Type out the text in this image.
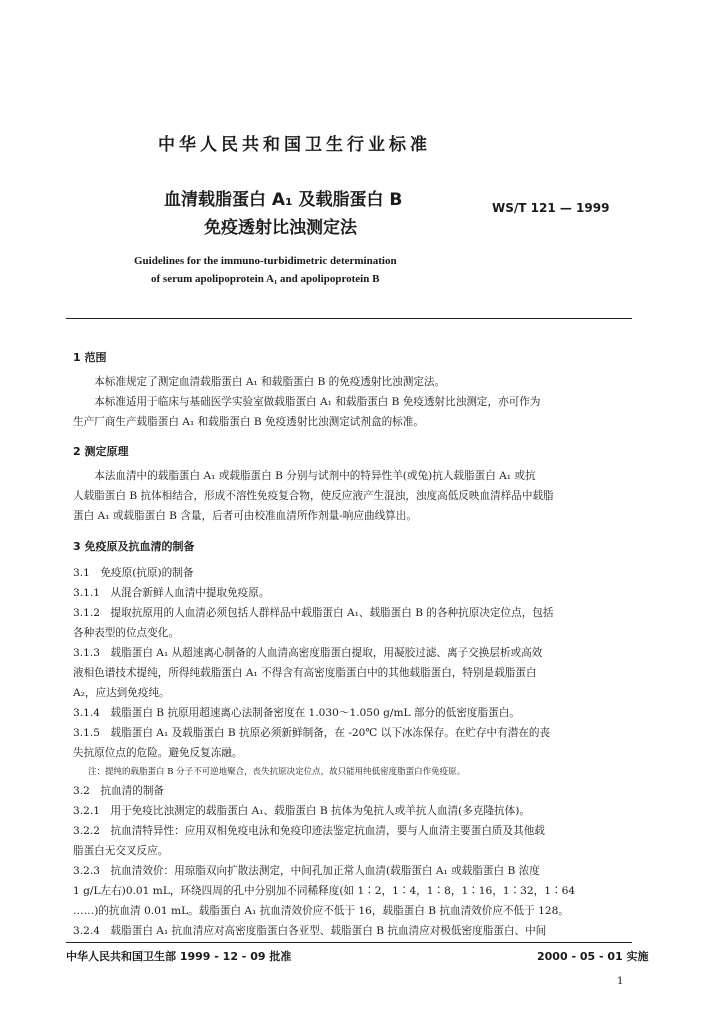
中华人民共和国卫生行业标准
血清载脂蛋白 A₁ 及载脂蛋白 B
免疫透射比浊测定法
WS/T 121 — 1999
Guidelines for the immuno-turbidimetric determination
of serum apolipoprotein A₁ and apolipoprotein B
1 范围
　　本标准规定了测定血清载脂蛋白 A₁ 和载脂蛋白 B 的免疫透射比浊测定法。
　　本标准适用于临床与基础医学实验室做载脂蛋白 A₁ 和载脂蛋白 B 免疫透射比浊测定，亦可作为
生产厂商生产载脂蛋白 A₁ 和载脂蛋白 B 免疫透射比浊测定试剂盒的标准。
2 测定原理
　　本法血清中的载脂蛋白 A₁ 或载脂蛋白 B 分别与试剂中的特异性羊(或兔)抗人载脂蛋白 A₁ 或抗
人载脂蛋白 B 抗体相结合，形成不溶性免疫复合物，使反应液产生混浊，浊度高低反映血清样品中载脂
蛋白 A₁ 或载脂蛋白 B 含量，后者可由校准血清所作剂量-响应曲线算出。
3 免疫原及抗血清的制备
3.1　免疫原(抗原)的制备
3.1.1　从混合新鲜人血清中提取免疫原。
3.1.2　提取抗原用的人血清必须包括人群样品中载脂蛋白 A₁、载脂蛋白 B 的各种抗原决定位点，包括
各种表型的位点变化。
3.1.3　载脂蛋白 A₁ 从超速离心制备的人血清高密度脂蛋白提取，用凝胶过滤、离子交换层析或高效
液相色谱技术提纯，所得纯载脂蛋白 A₁ 不得含有高密度脂蛋白中的其他载脂蛋白，特别是载脂蛋白
A₂，应达到免疫纯。
3.1.4　载脂蛋白 B 抗原用超速离心法制备密度在 1.030～1.050 g/mL 部分的低密度脂蛋白。
3.1.5　载脂蛋白 A₁ 及载脂蛋白 B 抗原必须新鲜制备，在 -20℃ 以下冰冻保存。在贮存中有潜在的丧
失抗原位点的危险。避免反复冻融。
注：提纯的载脂蛋白 B 分子不可逆地聚合，丧失抗原决定位点，故只能用纯低密度脂蛋白作免疫原。
3.2　抗血清的制备
3.2.1　用于免疫比浊测定的载脂蛋白 A₁、载脂蛋白 B 抗体为兔抗人或羊抗人血清(多克隆抗体)。
3.2.2　抗血清特异性：应用双相免疫电泳和免疫印迹法鉴定抗血清，要与人血清主要蛋白质及其他载
脂蛋白无交叉反应。
3.2.3　抗血清效价：用琼脂双向扩散法测定，中间孔加正常人血清(载脂蛋白 A₁ 或载脂蛋白 B 浓度
1 g/L左右)0.01 mL，环绕四周的孔中分别加不同稀释度(如 1∶2，1∶4，1∶8，1∶16，1∶32，1∶64
……)的抗血清 0.01 mL。载脂蛋白 A₁ 抗血清效价应不低于 16，载脂蛋白 B 抗血清效价应不低于 128。
3.2.4　载脂蛋白 A₁ 抗血清应对高密度脂蛋白各亚型、载脂蛋白 B 抗血清应对极低密度脂蛋白、中间
中华人民共和国卫生部 1999 - 12 - 09 批准	2000 - 05 - 01 实施
1
